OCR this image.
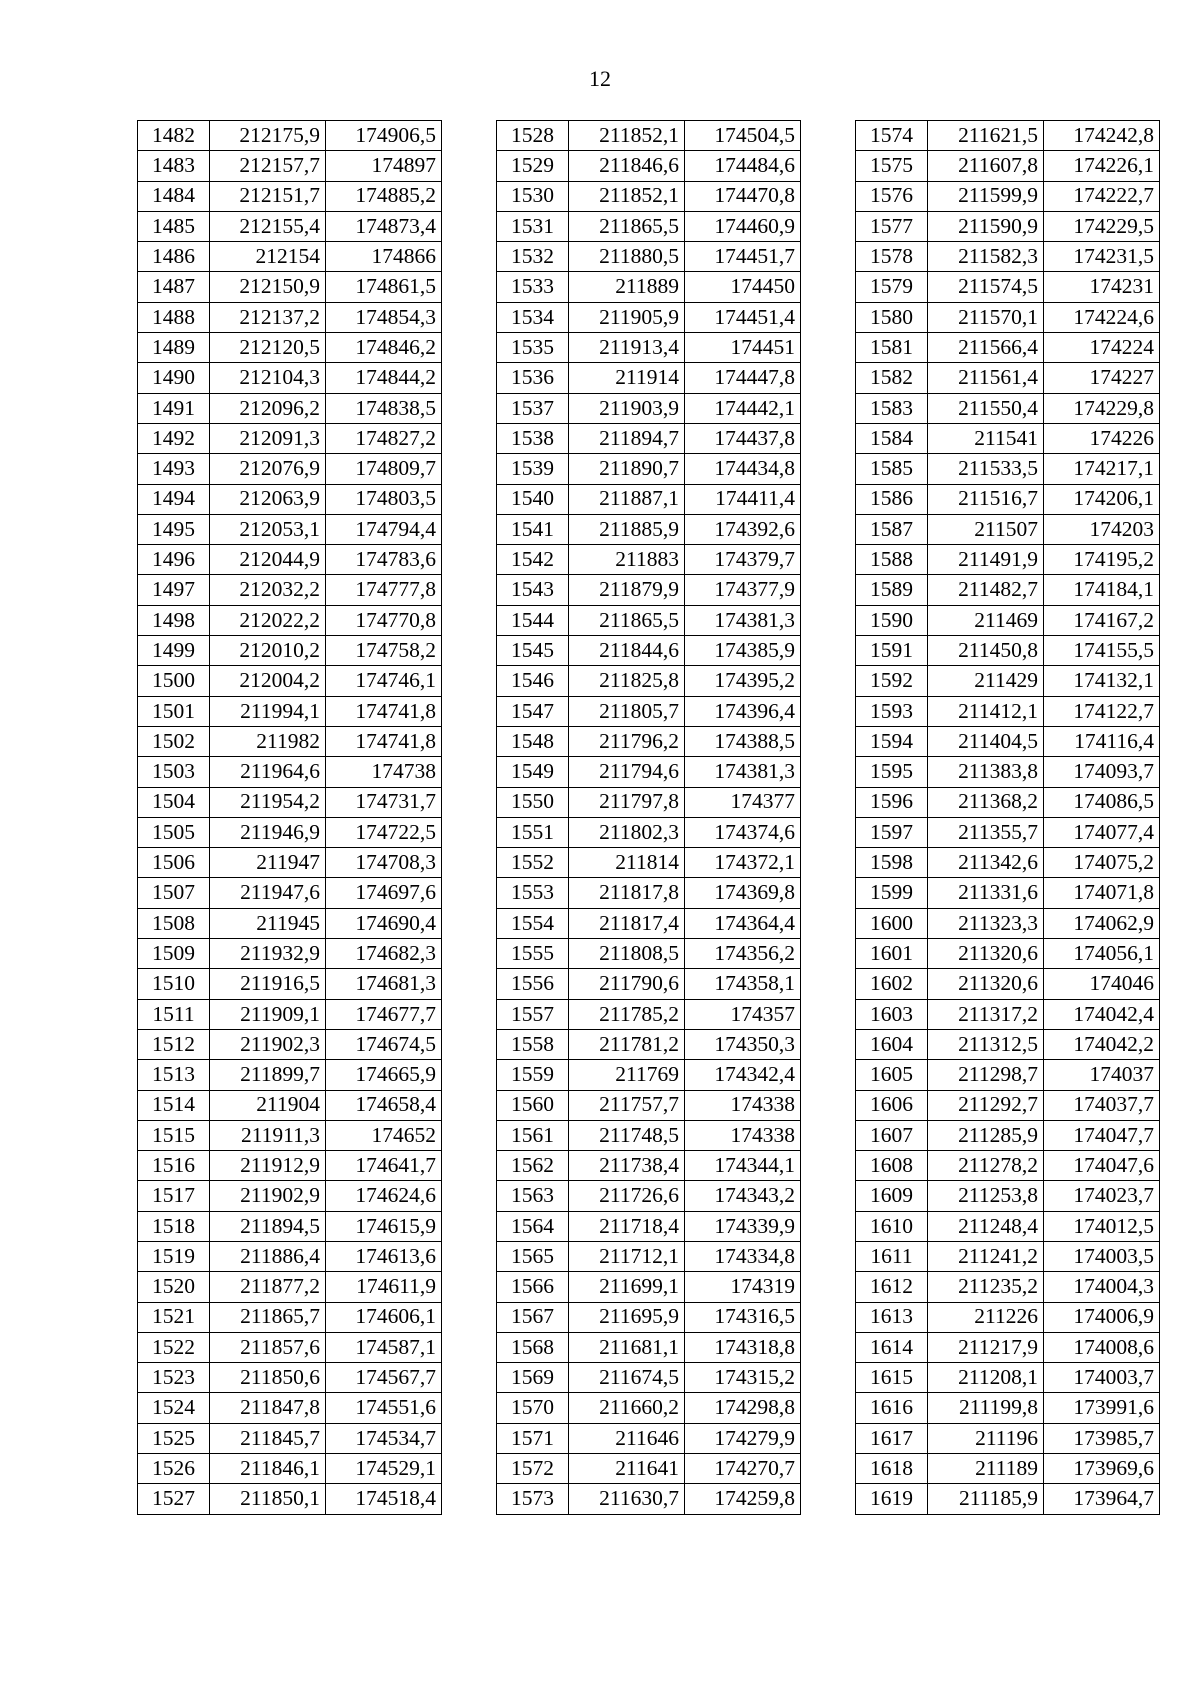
12
1482	212175,9	174906,5
1483	212157,7	174897
1484	212151,7	174885,2
1485	212155,4	174873,4
1486	212154	174866
1487	212150,9	174861,5
1488	212137,2	174854,3
1489	212120,5	174846,2
1490	212104,3	174844,2
1491	212096,2	174838,5
1492	212091,3	174827,2
1493	212076,9	174809,7
1494	212063,9	174803,5
1495	212053,1	174794,4
1496	212044,9	174783,6
1497	212032,2	174777,8
1498	212022,2	174770,8
1499	212010,2	174758,2
1500	212004,2	174746,1
1501	211994,1	174741,8
1502	211982	174741,8
1503	211964,6	174738
1504	211954,2	174731,7
1505	211946,9	174722,5
1506	211947	174708,3
1507	211947,6	174697,6
1508	211945	174690,4
1509	211932,9	174682,3
1510	211916,5	174681,3
1511	211909,1	174677,7
1512	211902,3	174674,5
1513	211899,7	174665,9
1514	211904	174658,4
1515	211911,3	174652
1516	211912,9	174641,7
1517	211902,9	174624,6
1518	211894,5	174615,9
1519	211886,4	174613,6
1520	211877,2	174611,9
1521	211865,7	174606,1
1522	211857,6	174587,1
1523	211850,6	174567,7
1524	211847,8	174551,6
1525	211845,7	174534,7
1526	211846,1	174529,1
1527	211850,1	174518,4
1528	211852,1	174504,5
1529	211846,6	174484,6
1530	211852,1	174470,8
1531	211865,5	174460,9
1532	211880,5	174451,7
1533	211889	174450
1534	211905,9	174451,4
1535	211913,4	174451
1536	211914	174447,8
1537	211903,9	174442,1
1538	211894,7	174437,8
1539	211890,7	174434,8
1540	211887,1	174411,4
1541	211885,9	174392,6
1542	211883	174379,7
1543	211879,9	174377,9
1544	211865,5	174381,3
1545	211844,6	174385,9
1546	211825,8	174395,2
1547	211805,7	174396,4
1548	211796,2	174388,5
1549	211794,6	174381,3
1550	211797,8	174377
1551	211802,3	174374,6
1552	211814	174372,1
1553	211817,8	174369,8
1554	211817,4	174364,4
1555	211808,5	174356,2
1556	211790,6	174358,1
1557	211785,2	174357
1558	211781,2	174350,3
1559	211769	174342,4
1560	211757,7	174338
1561	211748,5	174338
1562	211738,4	174344,1
1563	211726,6	174343,2
1564	211718,4	174339,9
1565	211712,1	174334,8
1566	211699,1	174319
1567	211695,9	174316,5
1568	211681,1	174318,8
1569	211674,5	174315,2
1570	211660,2	174298,8
1571	211646	174279,9
1572	211641	174270,7
1573	211630,7	174259,8
1574	211621,5	174242,8
1575	211607,8	174226,1
1576	211599,9	174222,7
1577	211590,9	174229,5
1578	211582,3	174231,5
1579	211574,5	174231
1580	211570,1	174224,6
1581	211566,4	174224
1582	211561,4	174227
1583	211550,4	174229,8
1584	211541	174226
1585	211533,5	174217,1
1586	211516,7	174206,1
1587	211507	174203
1588	211491,9	174195,2
1589	211482,7	174184,1
1590	211469	174167,2
1591	211450,8	174155,5
1592	211429	174132,1
1593	211412,1	174122,7
1594	211404,5	174116,4
1595	211383,8	174093,7
1596	211368,2	174086,5
1597	211355,7	174077,4
1598	211342,6	174075,2
1599	211331,6	174071,8
1600	211323,3	174062,9
1601	211320,6	174056,1
1602	211320,6	174046
1603	211317,2	174042,4
1604	211312,5	174042,2
1605	211298,7	174037
1606	211292,7	174037,7
1607	211285,9	174047,7
1608	211278,2	174047,6
1609	211253,8	174023,7
1610	211248,4	174012,5
1611	211241,2	174003,5
1612	211235,2	174004,3
1613	211226	174006,9
1614	211217,9	174008,6
1615	211208,1	174003,7
1616	211199,8	173991,6
1617	211196	173985,7
1618	211189	173969,6
1619	211185,9	173964,7
